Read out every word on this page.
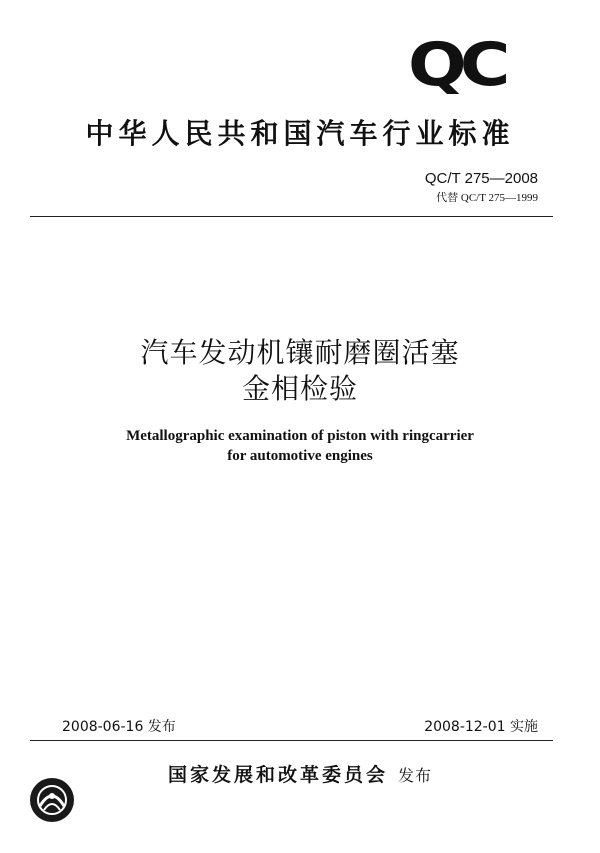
QC
中华人民共和国汽车行业标准
QC/T 275—2008
代替 QC/T 275—1999
汽车发动机镶耐磨圈活塞
金相检验
Metallographic examination of piston with ringcarrier
for automotive engines
2008-06-16 发布	2008-12-01 实施
国家发展和改革委员会 发布
